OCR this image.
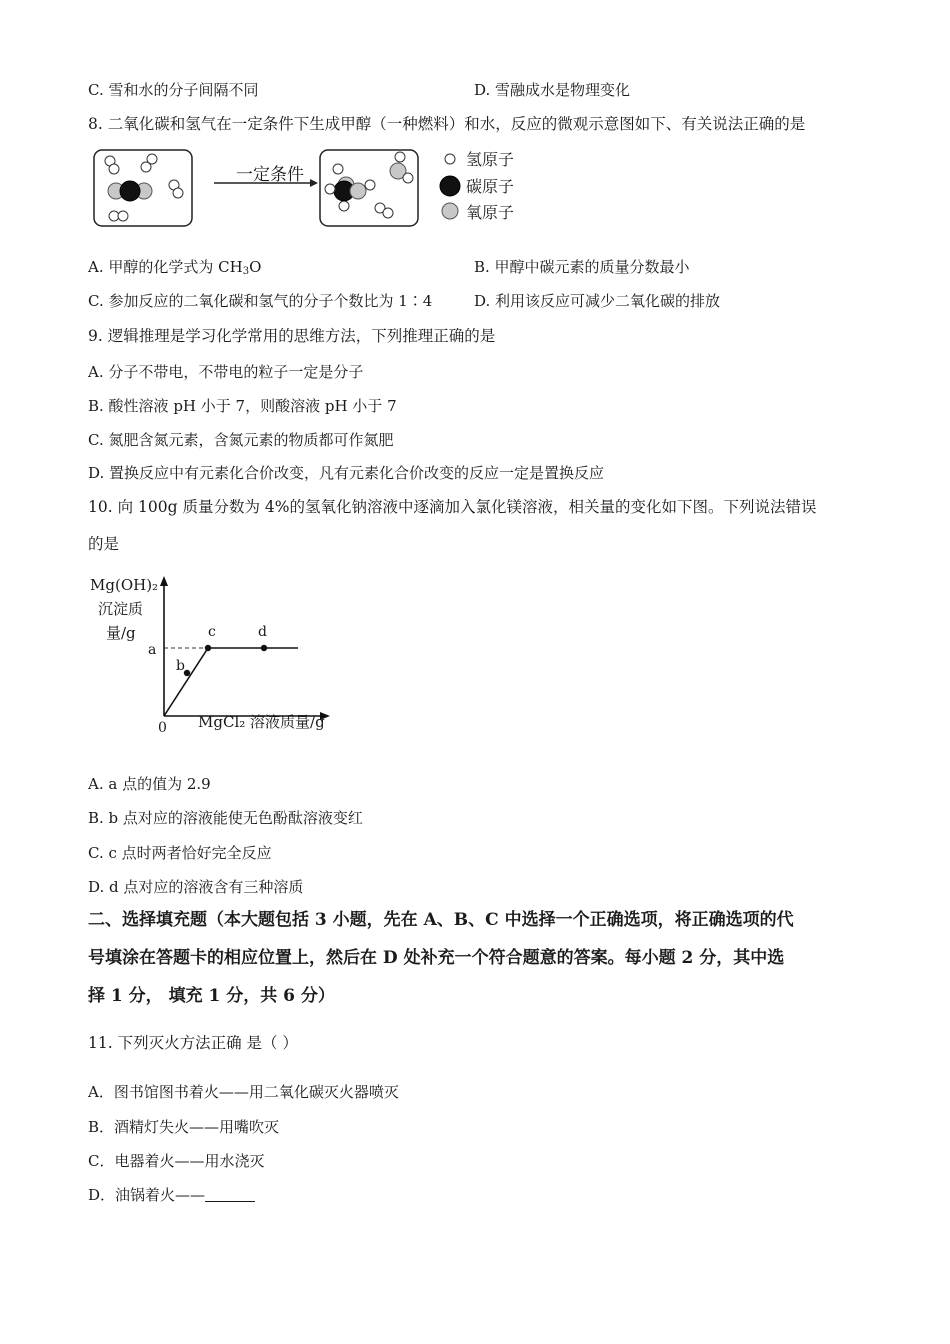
C. 雪和水的分子间隔不同	D. 雪融成水是物理变化
8. 二氧化碳和氢气在一定条件下生成甲醇（一种燃料）和水，反应的微观示意图如下、有关说法正确的是
一定条件
氢原子
碳原子
氧原子
A. 甲醇的化学式为 $CH_3O$	B. 甲醇中碳元素的质量分数最小
C. 参加反应的二氧化碳和氢气的分子个数比为 1∶4	D. 利用该反应可减少二氧化碳的排放
9. 逻辑推理是学习化学常用的思维方法，下列推理正确的是
A. 分子不带电，不带电的粒子一定是分子
B. 酸性溶液 pH 小于 7，则酸溶液 pH 小于 7
C. 氮肥含氮元素，含氮元素的物质都可作氮肥
D. 置换反应中有元素化合价改变，凡有元素化合价改变的反应一定是置换反应
10. 向 100g 质量分数为 4%的氢氧化钠溶液中逐滴加入氯化镁溶液，相关量的变化如下图。下列说法错误
的是
Mg(OH)₂
沉淀质
量/g
0 MgCl₂ 溶液质量/g
a
b
c	d
A. a 点的值为 2.9
B. b 点对应的溶液能使无色酚酞溶液变红
C. c 点时两者恰好完全反应
D. d 点对应的溶液含有三种溶质
二、选择填充题（本大题包括 3 小题，先在 A、B、C 中选择一个正确选项，将正确选项的代
号填涂在答题卡的相应位置上，然后在 D 处补充一个符合题意的答案。每小题 2 分，其中选
择 1 分， 填充 1 分，共 6 分）
11. 下列灭火方法正确 是（ ）
A．图书馆图书着火——用二氧化碳灭火器喷灭
B．酒精灯失火——用嘴吹灭
C．电器着火——用水浇灭
D．油锅着火——
